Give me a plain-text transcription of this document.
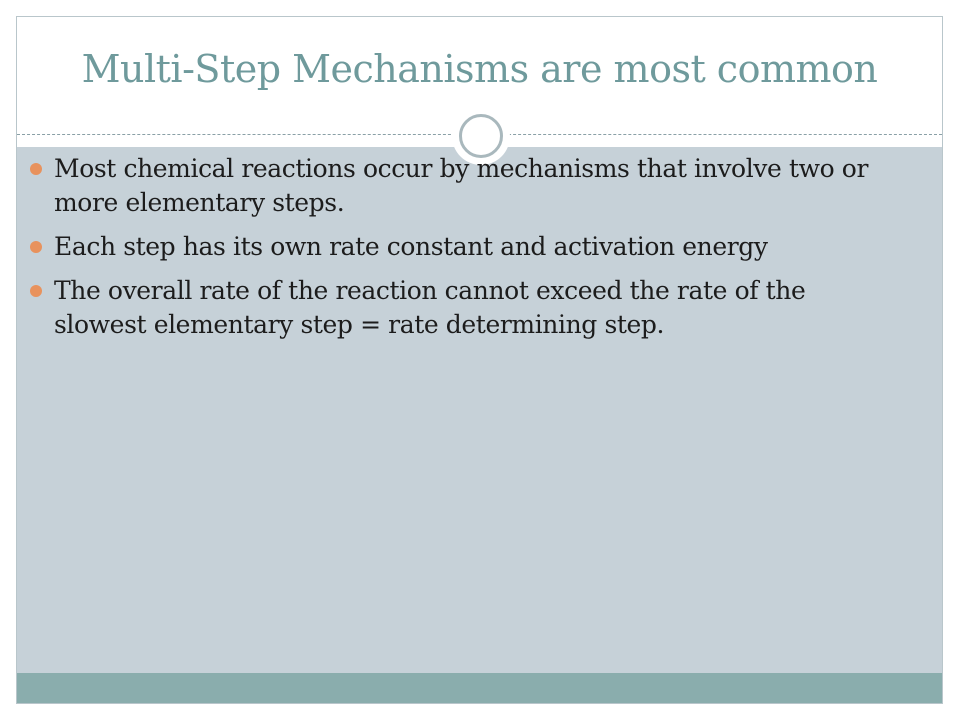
Multi-Step Mechanisms are most common
Most chemical reactions occur by mechanisms that involve two or more elementary steps.
Each step has its own rate constant and activation energy
The overall rate of the reaction cannot exceed the rate of the slowest elementary step = rate determining step.
